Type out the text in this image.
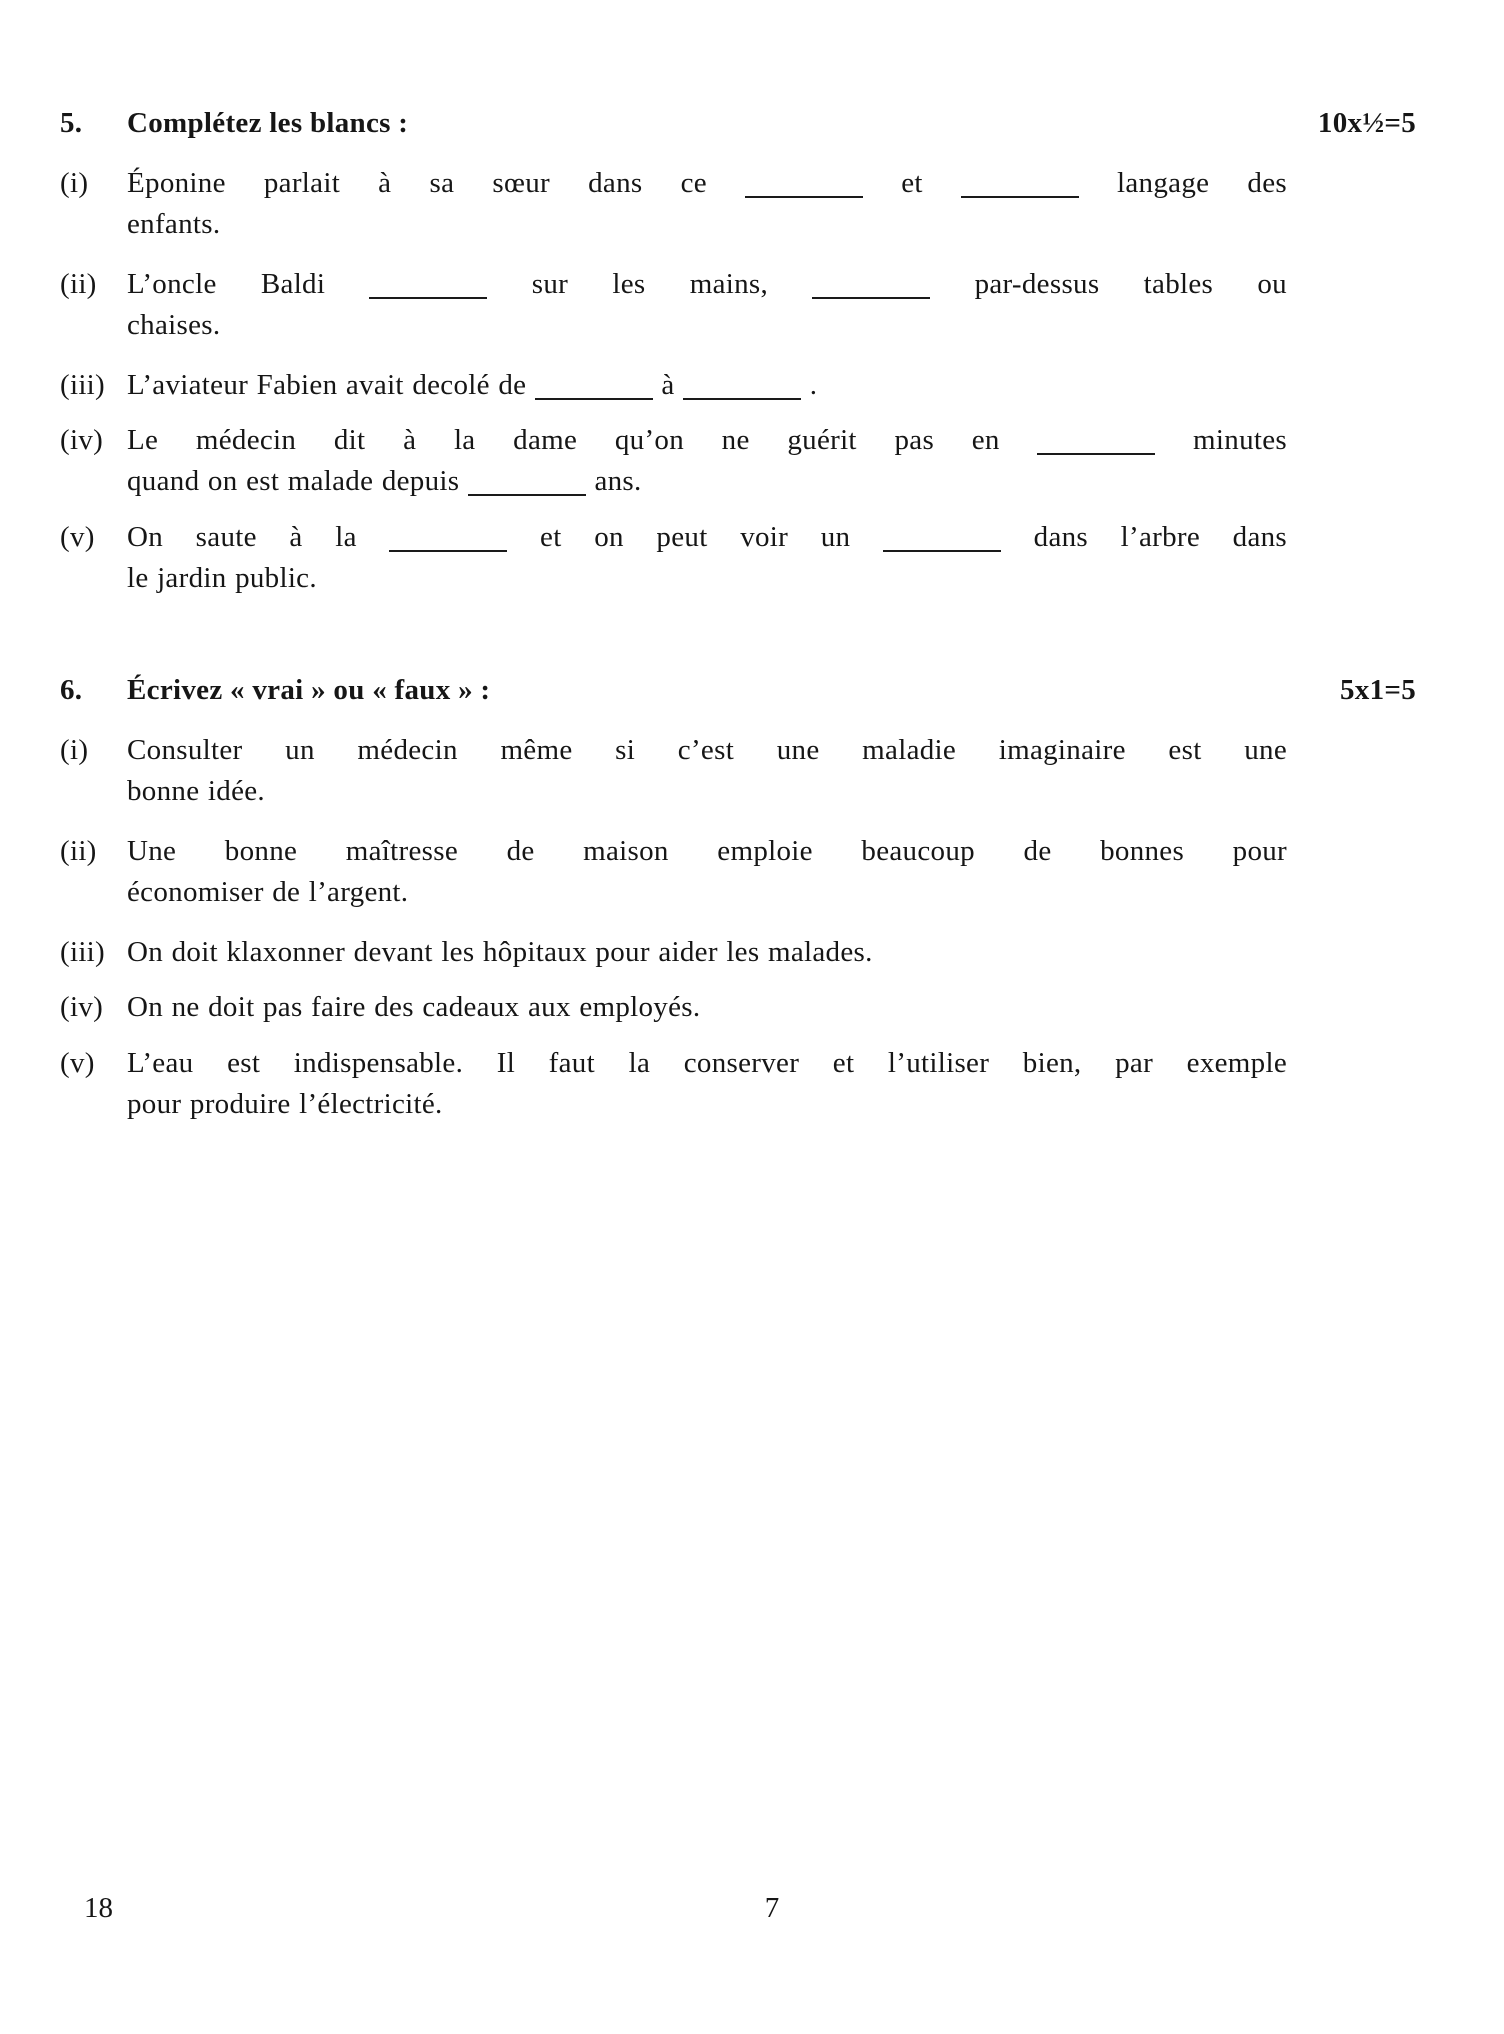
5.	Complétez les blancs :	10x½=5
(i)	Éponine parlait à sa sœur dans ce	et	langage des
enfants.
(ii)	L’oncle Baldi	sur les mains,	par-dessus tables ou
chaises.
(iii) L’aviateur Fabien avait decolé de	à	.
(iv) Le médecin dit à la dame qu’on ne guérit pas en	minutes
quand on est malade depuis	ans.
(v)	On saute à la	et on peut voir un	dans l’arbre dans
le jardin public.
6.	Écrivez « vrai » ou « faux » :	5x1=5
(i)	Consulter un médecin même si c’est une maladie imaginaire est une
bonne idée.
(ii)	Une bonne maîtresse de maison emploie beaucoup de bonnes pour
économiser de l’argent.
(iii) On doit klaxonner devant les hôpitaux pour aider les malades.
(iv) On ne doit pas faire des cadeaux aux employés.
(v)	L’eau est indispensable. Il faut la conserver et l’utiliser bien, par exemple
pour produire l’électricité.
18	7
